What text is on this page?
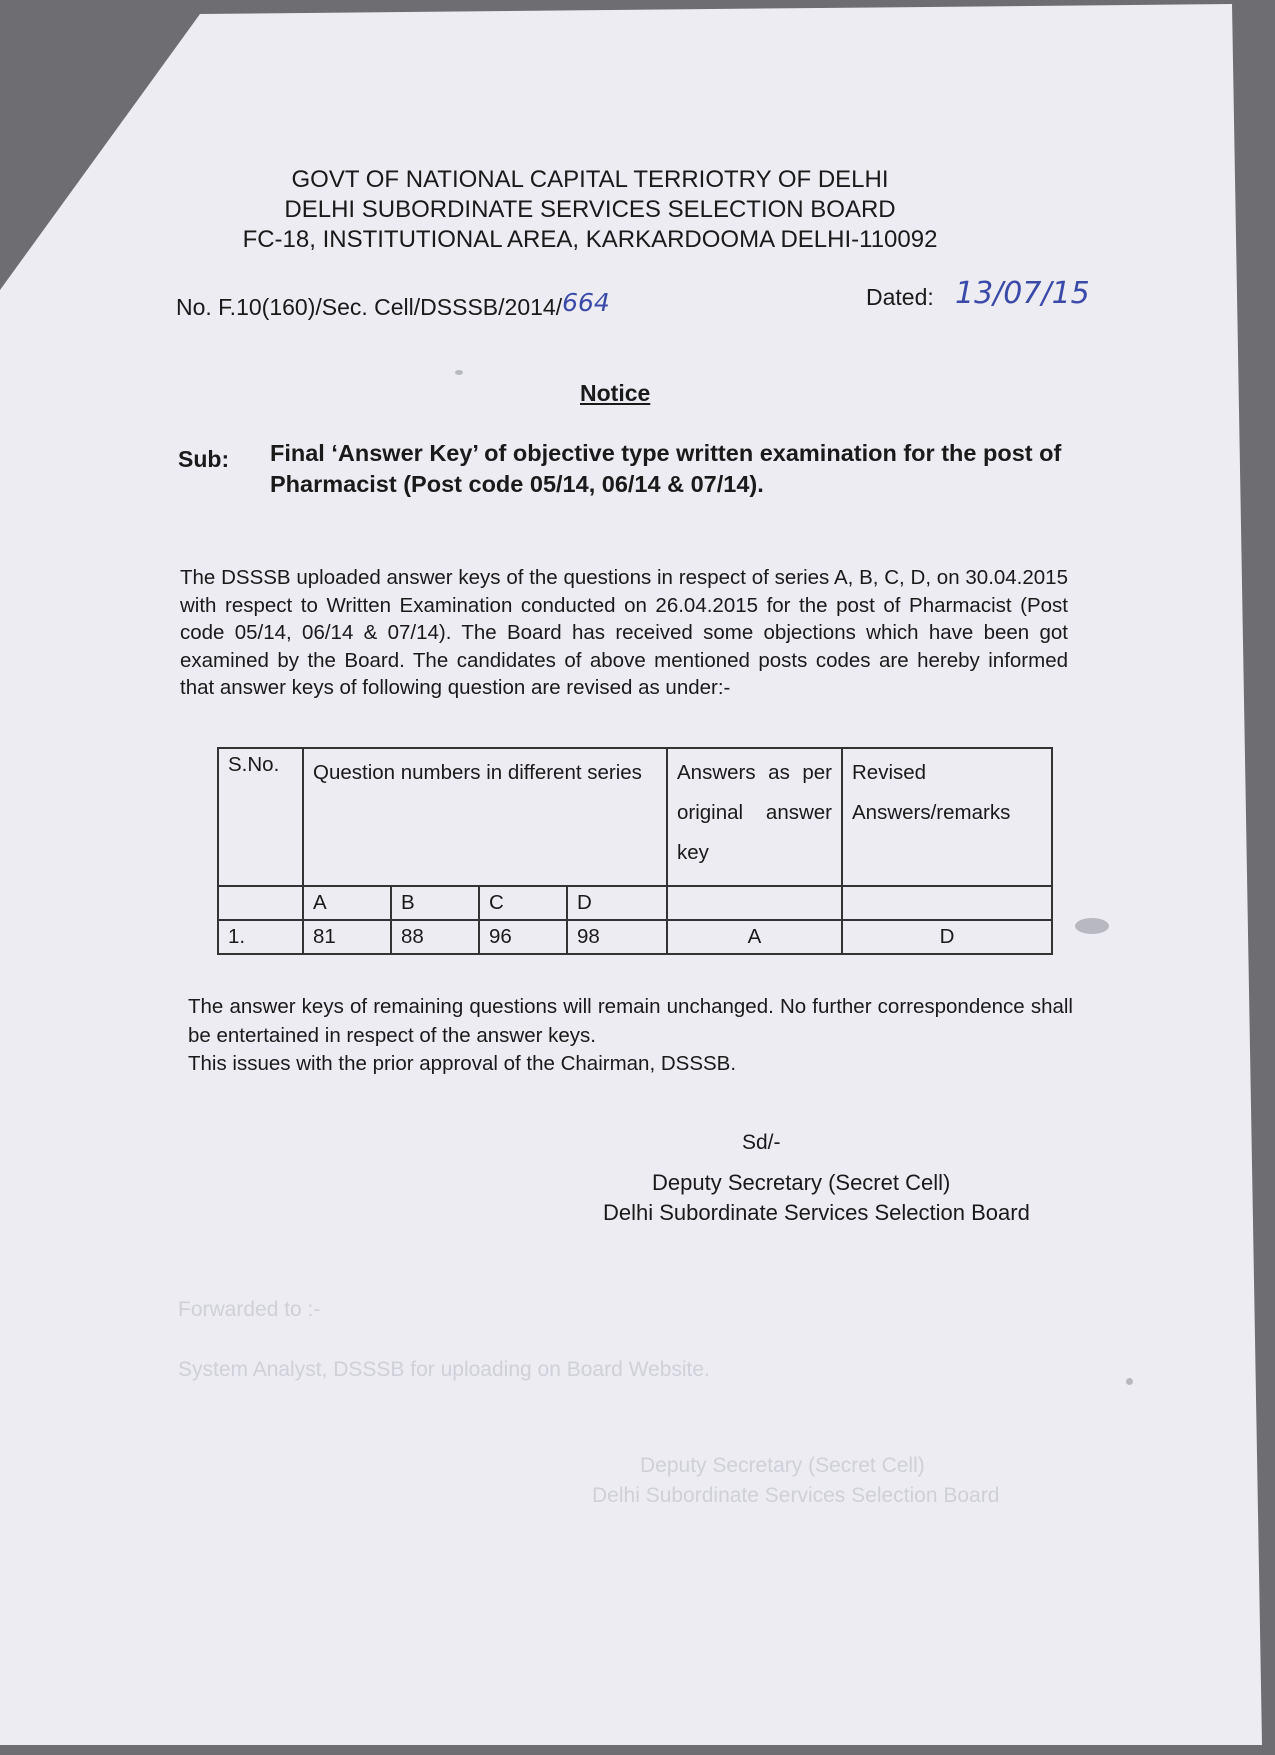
Forwarded to :-
System Analyst, DSSSB for uploading on Board Website.
Deputy Secretary (Secret Cell)
Delhi Subordinate Services Selection Board
GOVT OF NATIONAL CAPITAL TERRIOTRY OF DELHI
DELHI SUBORDINATE SERVICES SELECTION BOARD
FC-18, INSTITUTIONAL AREA, KARKARDOOMA DELHI-110092
No. F.10(160)/Sec. Cell/DSSSB/2014/664	Dated: 13/07/15
Notice
Sub: Final ‘Answer Key’ of objective type written examination for the post of Pharmacist (Post code 05/14, 06/14 & 07/14).
The DSSSB uploaded answer keys of the questions in respect of series A, B, C, D, on 30.04.2015 with respect to Written Examination conducted on 26.04.2015 for the post of Pharmacist (Post code 05/14, 06/14 & 07/14). The Board has received some objections which have been got examined by the Board. The candidates of above mentioned posts codes are hereby informed that answer keys of following question are revised as under:-
S.No.	Question numbers in different series				Answers as per original answer key	Revised Answers/remarks
	A	B	C	D		
1.	81	88	96	98	A	D
The answer keys of remaining questions will remain unchanged. No further correspondence shall be entertained in respect of the answer keys.
This issues with the prior approval of the Chairman, DSSSB.
Sd/-
Deputy Secretary (Secret Cell)
Delhi Subordinate Services Selection Board
